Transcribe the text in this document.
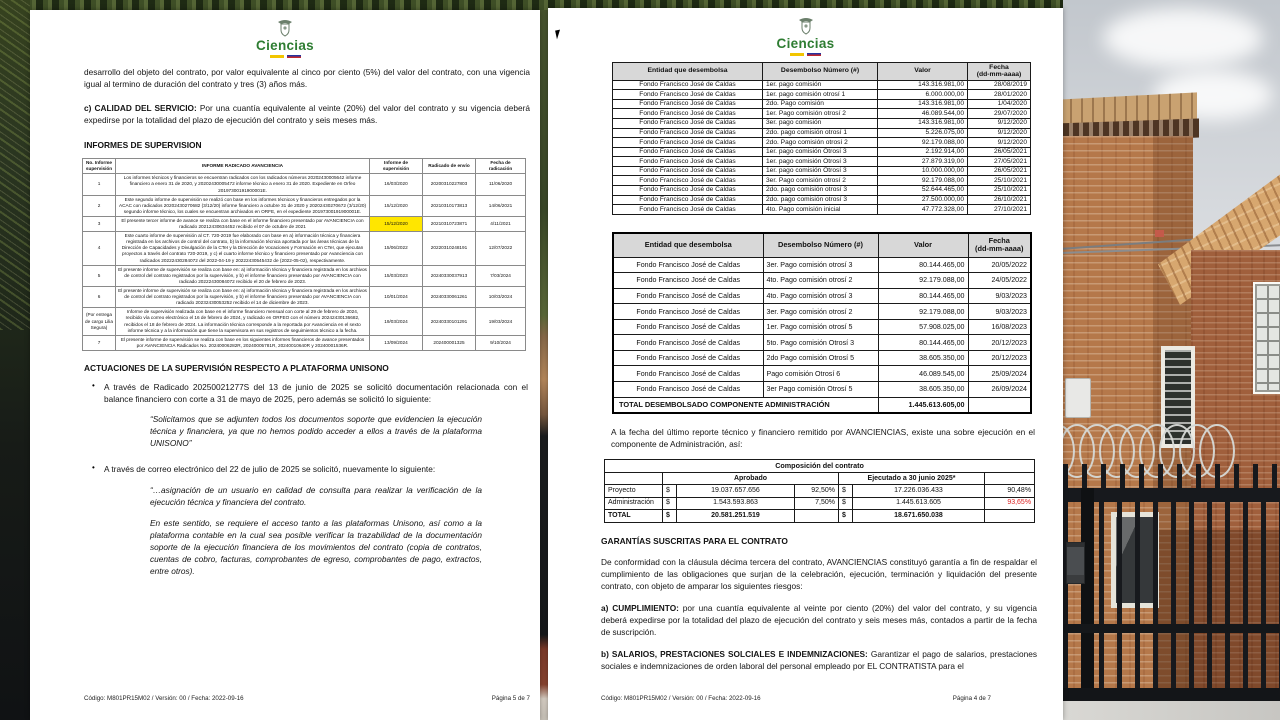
Ciencias

desarrollo del objeto del contrato, por valor equivalente al cinco por ciento (5%) del valor del contrato, con una vigencia igual al termino de duración del contrato y tres (3) años más.

c) CALIDAD DEL SERVICIO: Por una cuantía equivalente al veinte (20%) del valor del contrato y su vigencia deberá expedirse por la totalidad del plazo de ejecución del contrato y seis meses más.

INFORMES DE SUPERVISION

No. Informe supervisión	INFORME RADICADO AVANCIENCIA	Informe de supervisión	Radicado de envío	Fecha de radicación
1	Los informes técnicos y financieros se encuentran radicados con los radicados números 20202430005642 informe financiero a enero 31 de 2020, y 20202430005472 informe técnico a enero 31 de 2020. Expediente en Orfeo 20197300191900001E.	16/03/2020	20200310227803	11/06/2020
2	Este segundo informe de supervisión se realizó con base en los informes técnicos y financieros entregados por la ACAC con radicados 20202430270682 (3/12/20) informe financiero a octubre 31 de 2020 y 20202430270672 (3/12/20) segundo informe técnico, los cuales se encuentran archivados en ORFE, en el expediente 20197300191900001E.	15/12/2020	20210310173813	14/06/2021
3	El presente tercer informe de avance se realiza con base en el informe financiero presentado por AVANCIENCIA con radicado 20212430634452 recibido el 07 de octubre de 2021	15/12/2020	20210310723871	4/11/2021
4	Este cuarto informe de supervisión al CT. 720-2019 fue elaborado con base en a) información técnica y financiera registrada en los archivos de control del contrato, b) la información técnica aportada por las áreas técnicas de la Dirección de Capacidades y Divulgación de la CTeI y la Dirección de Vocaciones y Formación en CTeI, que ejecutan proyectos a través del contrato 720-2019, y c) el cuarto informe técnico y financiero presentado por Avanciencia con radicados 20222430284072 del 2022-04-19 y 20222430545432 de (2022-05-02), respectivamente.	15/06/2022	20220310248191	12/07/2022
5	El presente informe de supervisión se realiza con base en: a) información técnica y financiera registrada en los archivos de control del contrato registrados por la supervisión, y b) el informe financiero presentado por AVANCIENCIA con radicado 20222430084072 recibido el 20 de febrero de 2023.	15/03/2023	20240330037913	7/03/2024
6	El presente informe de supervisión se realiza con base en: a) información técnica y financiera registrada en los archivos de control del contrato registrados por la supervisión, y b) el informe financiero presentado por AVANCIENCIA con radicado 20232430053252 recibido el 14 de diciembre de 2023.	10/01/2024	20240330061261	10/03/2024
(Por entrega de cargo Lilia Segura)	Informe de supervisión realizada con base en el informe financiero mensual con corte al 29 de febrero de 2024, recibido vía correo electrónico el 16 de febrero de 2024, y radicado en ORFEO con el número 20242430136682, recibidos el 18 de febrero de 2024. La información técnica corresponde a la reportada por Avanciencia en el sexto informe técnica y a la información que tiene la supervisora en sus registros de seguimientos técnico a la fecha.	19/03/2024	20240330101291	19/03/2024
7	El presente informe de supervisión se realiza con base en los siguientes informes financieros de avance presentados por AVANCIENCIA Radicados No. 20240006282R, 20240005781R, 20240010640R y 20240001536R.	13/09/2024	202400001325	9/10/2024

ACTUACIONES DE LA SUPERVISIÓN RESPECTO A PLATAFORMA UNISONO

•	A través de Radicado 20250021277S del 13 de junio de 2025 se solicitó documentación relacionada con el balance financiero con corte a 31 de mayo de 2025, pero además se solicitó lo siguiente:

“Solicitamos que se adjunten todos los documentos soporte que evidencien la ejecución técnica y financiera, ya que no hemos podido acceder a ellos a través de la plataforma UNISONO”

•	A través de correo electrónico del 22 de julio de 2025 se solicitó, nuevamente lo siguiente:

“…asignación de un usuario en calidad de consulta para realizar la verificación de la ejecución técnica y financiera del contrato.

En este sentido, se requiere el acceso tanto a las plataformas Unisono, así como a la plataforma contable en la cual sea posible verificar la trazabilidad de la documentación soporte de la ejecución financiera de los movimientos del contrato (copia de contratos, cuentas de cobro, facturas, comprobantes de egreso, comprobantes de pago, extractos, entre otros).

Código: M801PR15M02 / Versión: 00 / Fecha: 2022-09-16	Página 5 de 7
Ciencias
Entidad que desembolsa	Desembolso Número (#)	Valor	Fecha
(dd-mm-aaaa)
Fondo Francisco José de Caldas	1er. pago comisión	143.316.981,00	28/08/2019
Fondo Francisco José de Caldas	1er. pago comisión otrosí 1	6.000.000,00	28/01/2020
Fondo Francisco José de Caldas	2do. Pago comisión	143.316.981,00	1/04/2020
Fondo Francisco José de Caldas	1er. Pago comisión otrosí 2	46.089.544,00	29/07/2020
Fondo Francisco José de Caldas	3er. pago comisión	143.316.981,00	9/12/2020
Fondo Francisco José de Caldas	2do. pago comisión otrosí 1	5.226.075,00	9/12/2020
Fondo Francisco José de Caldas	2do. Pago comisión otrosí 2	92.179.088,00	9/12/2020
Fondo Francisco José de Caldas	1er. pago comisión Otrosí 3	2.192.914,00	26/05/2021
Fondo Francisco José de Caldas	1er. pago comisión Otrosí 3	27.879.319,00	27/05/2021
Fondo Francisco José de Caldas	1er. pago comisión Otrosí 3	10.000.000,00	26/05/2021
Fondo Francisco José de Caldas	3er. Pago comisión otrosí 2	92.179.088,00	25/10/2021
Fondo Francisco José de Caldas	2do. pago comisión otrosí 3	52.644.465,00	25/10/2021
Fondo Francisco José de Caldas	2do. pago comisión otrosí 3	27.500.000,00	26/10/2021
Fondo Francisco José de Caldas	4to. Pago comisión inicial	47.772.328,00	27/10/2021
Entidad que desembolsa	Desembolso Número (#)	Valor	Fecha
(dd-mm-aaaa)
Fondo Francisco José de Caldas	3er. Pago comisión otrosí 3	80.144.465,00	20/05/2022
Fondo Francisco José de Caldas	4to. Pago comisión otrosí 2	92.179.088,00	24/05/2022
Fondo Francisco José de Caldas	4to. Pago comisión otrosí 3	80.144.465,00	9/03/2023
Fondo Francisco José de Caldas	3er. Pago comisión otrosí 2	92.179.088,00	9/03/2023
Fondo Francisco José de Caldas	1er. Pago comisión otrosí 5	57.908.025,00	16/08/2023
Fondo Francisco José de Caldas	5to. Pago comisión Otrosí 3	80.144.465,00	20/12/2023
Fondo Francisco José de Caldas	2do Pago comisión Otrosí 5	38.605.350,00	20/12/2023
Fondo Francisco José de Caldas	Pago comisión Otrosí 6	46.089.545,00	25/09/2024
Fondo Francisco José de Caldas	3er Pago comisión Otrosí 5	38.605.350,00	26/09/2024
TOTAL DESEMBOLSADO COMPONENTE ADMINISTRACIÓN		1.445.613.605,00	

A la fecha del último reporte técnico y financiero remitido por AVANCIENCIAS, existe una sobre ejecución en el componente de Administración, así:

Composición del contrato						
	Aprobado			Ejecutado a 30 junio 2025*		
Proyecto	$	19.037.657.656	92,50%	$	17.226.036.433	90,48%
Administración	$	1.543.593.863	7,50%	$	1.445.613.605	93,65%
TOTAL	$	20.581.251.519		$	18.671.650.038	

GARANTÍAS SUSCRITAS PARA EL CONTRATO

De conformidad con la cláusula décima tercera del contrato, AVANCIENCIAS constituyó garantía a fin de respaldar el cumplimiento de las obligaciones que surjan de la celebración, ejecución, terminación y liquidación del presente contrato, con objeto de amparar los siguientes riesgos:

a) CUMPLIMIENTO: por una cuantía equivalente al veinte por ciento (20%) del valor del contrato, y su vigencia deberá expedirse por la totalidad del plazo de ejecución del contrato y seis meses más, contados a partir de la fecha de suscripción.

b) SALARIOS, PRESTACIONES SOLCIALES E INDEMNIZACIONES: Garantizar el pago de salarios, prestaciones sociales e indemnizaciones de orden laboral del personal empleado por EL CONTRATISTA para el

Código: M801PR15M02 / Versión: 00 / Fecha: 2022-09-16	Página 4 de 7
